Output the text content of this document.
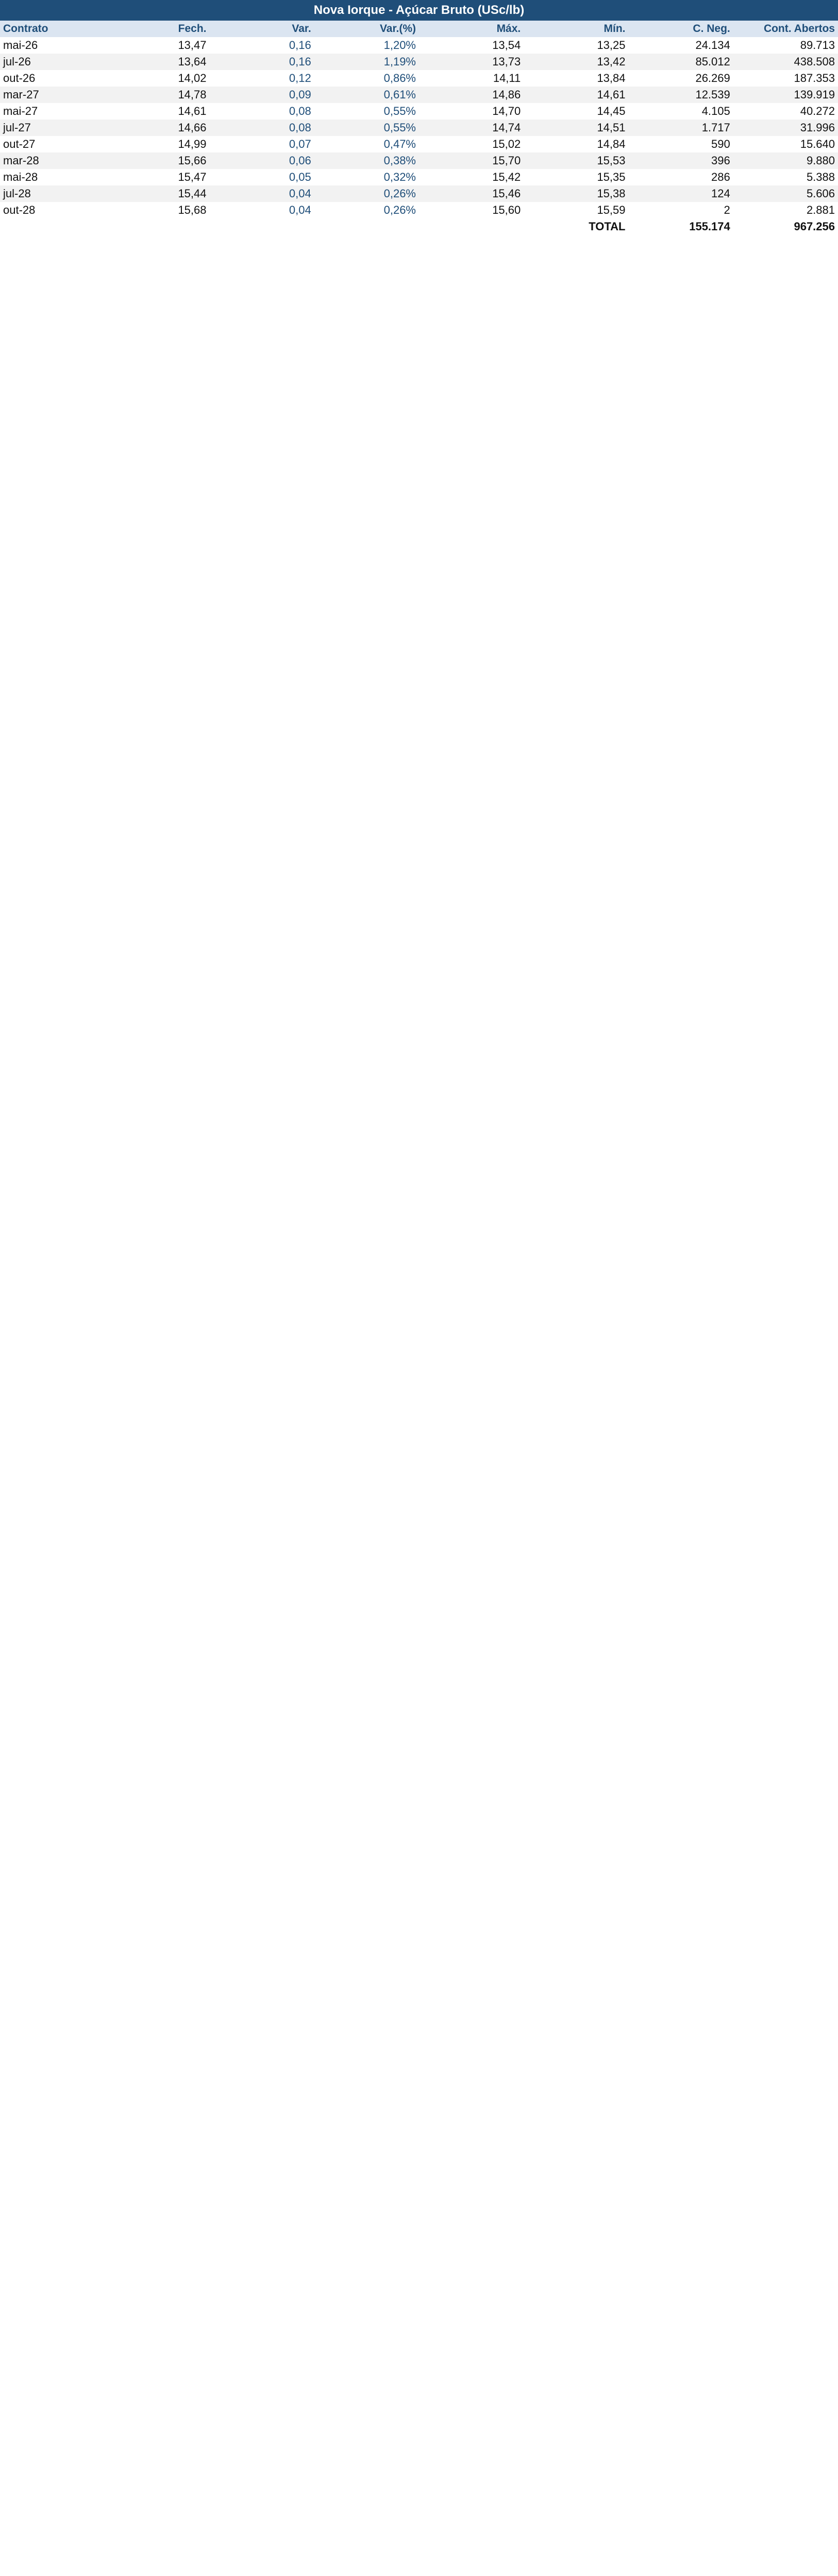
Nova Iorque - Açúcar Bruto (USc/lb)
Contrato	Fech.	Var.	Var.(%)	Máx.	Mín.	C. Neg.	Cont. Abertos
mai-26	13,47	0,16	1,20%	13,54	13,25	24.134	89.713
jul-26	13,64	0,16	1,19%	13,73	13,42	85.012	438.508
out-26	14,02	0,12	0,86%	14,11	13,84	26.269	187.353
mar-27	14,78	0,09	0,61%	14,86	14,61	12.539	139.919
mai-27	14,61	0,08	0,55%	14,70	14,45	4.105	40.272
jul-27	14,66	0,08	0,55%	14,74	14,51	1.717	31.996
out-27	14,99	0,07	0,47%	15,02	14,84	590	15.640
mar-28	15,66	0,06	0,38%	15,70	15,53	396	9.880
mai-28	15,47	0,05	0,32%	15,42	15,35	286	5.388
jul-28	15,44	0,04	0,26%	15,46	15,38	124	5.606
out-28	15,68	0,04	0,26%	15,60	15,59	2	2.881
					TOTAL	155.174	967.256
